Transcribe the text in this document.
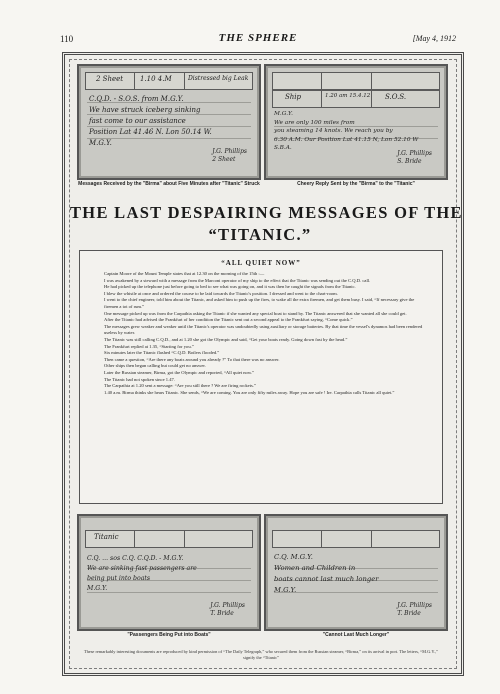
110	THE SPHERE	[May 4, 1912
2 Sheet 1.10 4.M	Distressed big Leak
C.Q.D. - S.O.S. from M.G.Y.
We have struck iceberg sinking
fast come to our assistance
Position Lat 41.46 N. Lon 50.14 W.
M.G.Y.
J.G. Phillips
2 Sheet
Messages Received by the "Birma" about Five Minutes after "Titanic" Struck
Ship	1.20 am 15.4.12 S.O.S.
M.G.Y.
We are only 100 miles from
you steaming 14 knots. We reach you by
6.30 A.M. Our Position Lat 41.15 N, Lon 52.10 W
S.B.A.
J.G. Phillips
S. Bride
Cheery Reply Sent by the "Birma" to the "Titanic"
THE LAST DESPAIRING MESSAGES OF THE
“TITANIC.”
“ALL QUIET NOW”

Captain Moore of the Mount Temple states that at 12.30 on the morning of the 15th :—

I was awakened by a steward with a message from the Marconi operator of my ship to the effect that the Titanic was sending out the C.Q.D. call.

He had picked up the telephone just before going to bed to see what was going on, and it was then he caught the signals from the Titanic.

I blew the whistle at once and ordered the course to be laid towards the Titanic's position. I dressed and went to the chart-room.

I went to the chief engineer, told him about the Titanic, and asked him to push up the fires, to wake all the extra firemen, and get them busy. I said, “If necessary give the firemen a tot of rum.”

One message picked up was from the Carpathia asking the Titanic if she wanted any special boat to stand by. The Titanic answered that she wanted all she could get.

After the Titanic had advised the Frankfurt of her condition the Titanic sent out a second appeal to the Frankfurt saying, “Come quick.”

The messages grew weaker and weaker until the Titanic's operator was undoubtedly using auxiliary or storage batteries. By that time the vessel's dynamos had been rendered useless by water.

The Titanic was still calling C.Q.D., and at 1.20 she got the Olympic and said, “Get your boats ready. Going down fast by the head.”

The Frankfurt replied at 1.35, “Starting for you.”

Six minutes later the Titanic flashed “C.Q.D. Boilers flooded.”

Then came a question, “Are there any boats around you already ?” To that there was no answer.

Other ships then began calling but could get no answer.

Later the Russian steamer, Birma, got the Olympic and reported, “All quiet now.”

The Titanic had not spoken since 1.47.

The Carpathia at 1.20 sent a message: “Are you still there ? We are firing rockets.”

1.40 a.m. Birma thinks she hears Titanic. She sends, “We are coming. You are only fifty miles away. Hope you are safe ! Ire. Carpathia calls Titanic all quiet.”

Titanic
C.Q. ... sos C.Q. C.Q.D. - M.G.Y.
We are sinking fast passengers are
being put into boats
M.G.Y.
J.G. Phillips
T. Bride
"Passengers Being Put into Boats"
C.Q. M.G.Y.
Women and Children in
boats cannot last much longer
M.G.Y.
J.G. Phillips
T. Bride
"Cannot Last Much Longer"
These remarkably interesting documents are reproduced by kind permission of “The Daily Telegraph,” who secured them from the Russian steamer, “Birma,” on its arrival in port. The letters, “M.G.Y.,” signify the “Titanic”
